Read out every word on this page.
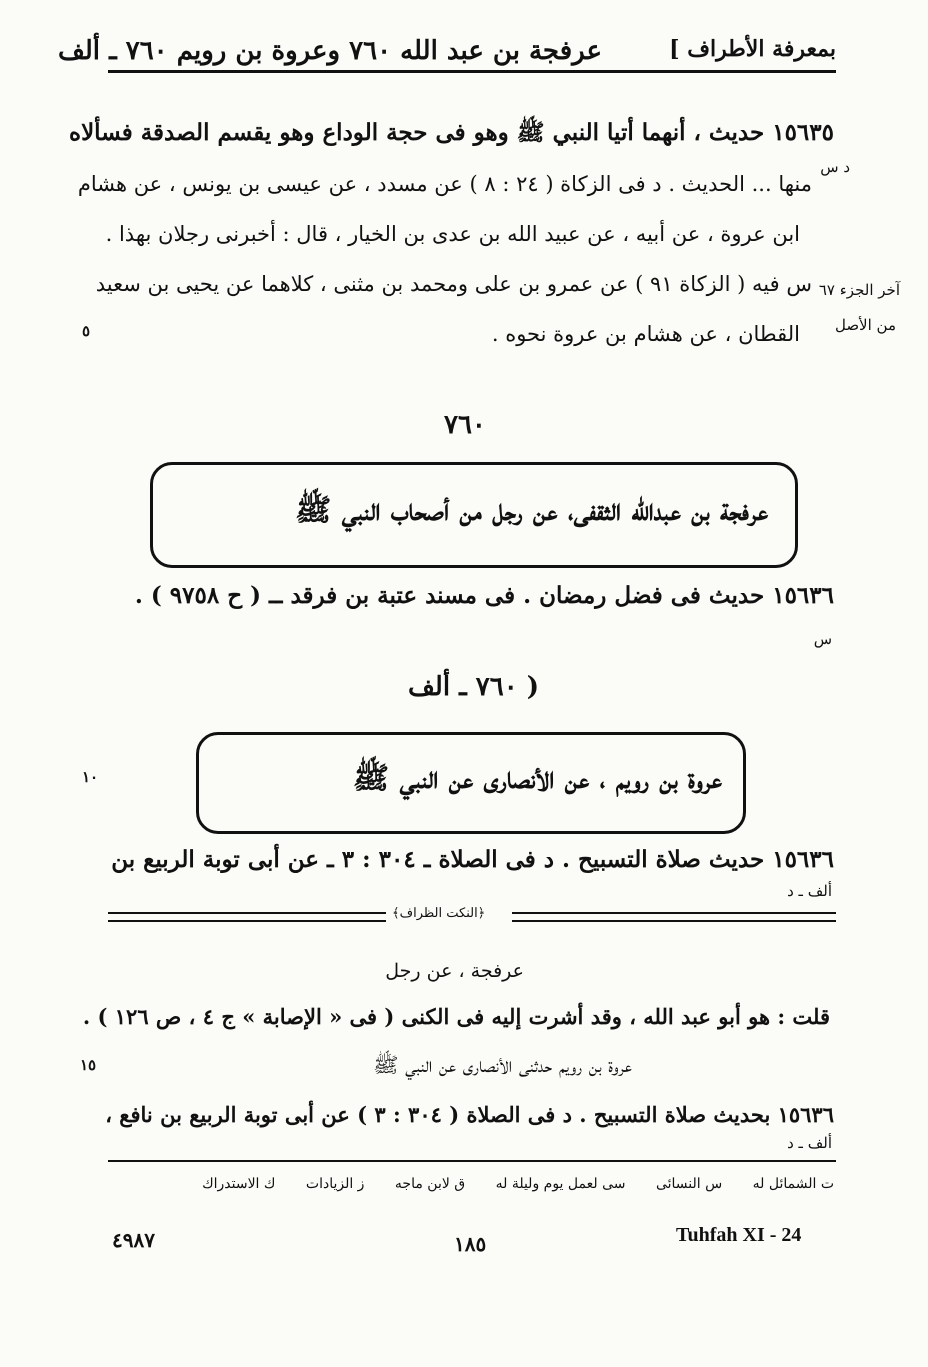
عرفجة بن عبد الله ٧٦٠ وعروة بن رويم ٧٦٠ ـ ألف	بمعرفة الأطراف ]
١٥٦٣٥ حديث ، أنهما أتيا النبي ﷺ وهو فى حجة الوداع وهو يقسم الصدقة فسألاه
د س
منها ... الحديث . د فى الزكاة ( ٢٤ : ٨ ) عن مسدد ، عن عيسى بن يونس ، عن هشام
ابن عروة ، عن أبيه ، عن عبيد الله بن عدى بن الخيار ، قال : أخبرنى رجلان بهذا .
آخر الجزء ٦٧
س فيه ( الزكاة ٩١ ) عن عمرو بن على ومحمد بن مثنى ، كلاهما عن يحيى بن سعيد
من الأصل
القطان ، عن هشام بن عروة نحوه .
٥
٧٦٠
عرفجة بن عبدالله الثقفى، عن رجل من أصحاب النبي ﷺ
١٥٦٣٦ حديث فى فضل رمضان . فى مسند عتبة بن فرقد ــ ( ح ٩٧٥٨ ) .
س
( ٧٦٠ ـ ألف
عروة بن رويم ، عن الأنصارى عن النبي ﷺ
١٠
١٥٦٣٦ حديث صلاة التسبيح . د فى الصلاة ـ ٣٠٤ : ٣ ـ عن أبى توبة الربيع بن
ألف ـ د
﴿النكت الظراف﴾
عرفجة ، عن رجل
قلت : هو أبو عبد الله ، وقد أشرت إليه فى الكنى ( فى « الإصابة » ج ٤ ، ص ١٢٦ ) .
عروة بن رويم حدثنى الأنصارى عن النبي ﷺ
١٥
١٥٦٣٦ بحديث صلاة التسبيح . د فى الصلاة ( ٣٠٤ : ٣ ) عن أبى توبة الربيع بن نافع ،
ألف ـ د
ت الشمائل له س النسائى سى لعمل يوم وليلة له ق لابن ماجه ز الزيادات ك الاستدراك
٤٩٨٧	١٨٥	Tuhfah XI - 24
